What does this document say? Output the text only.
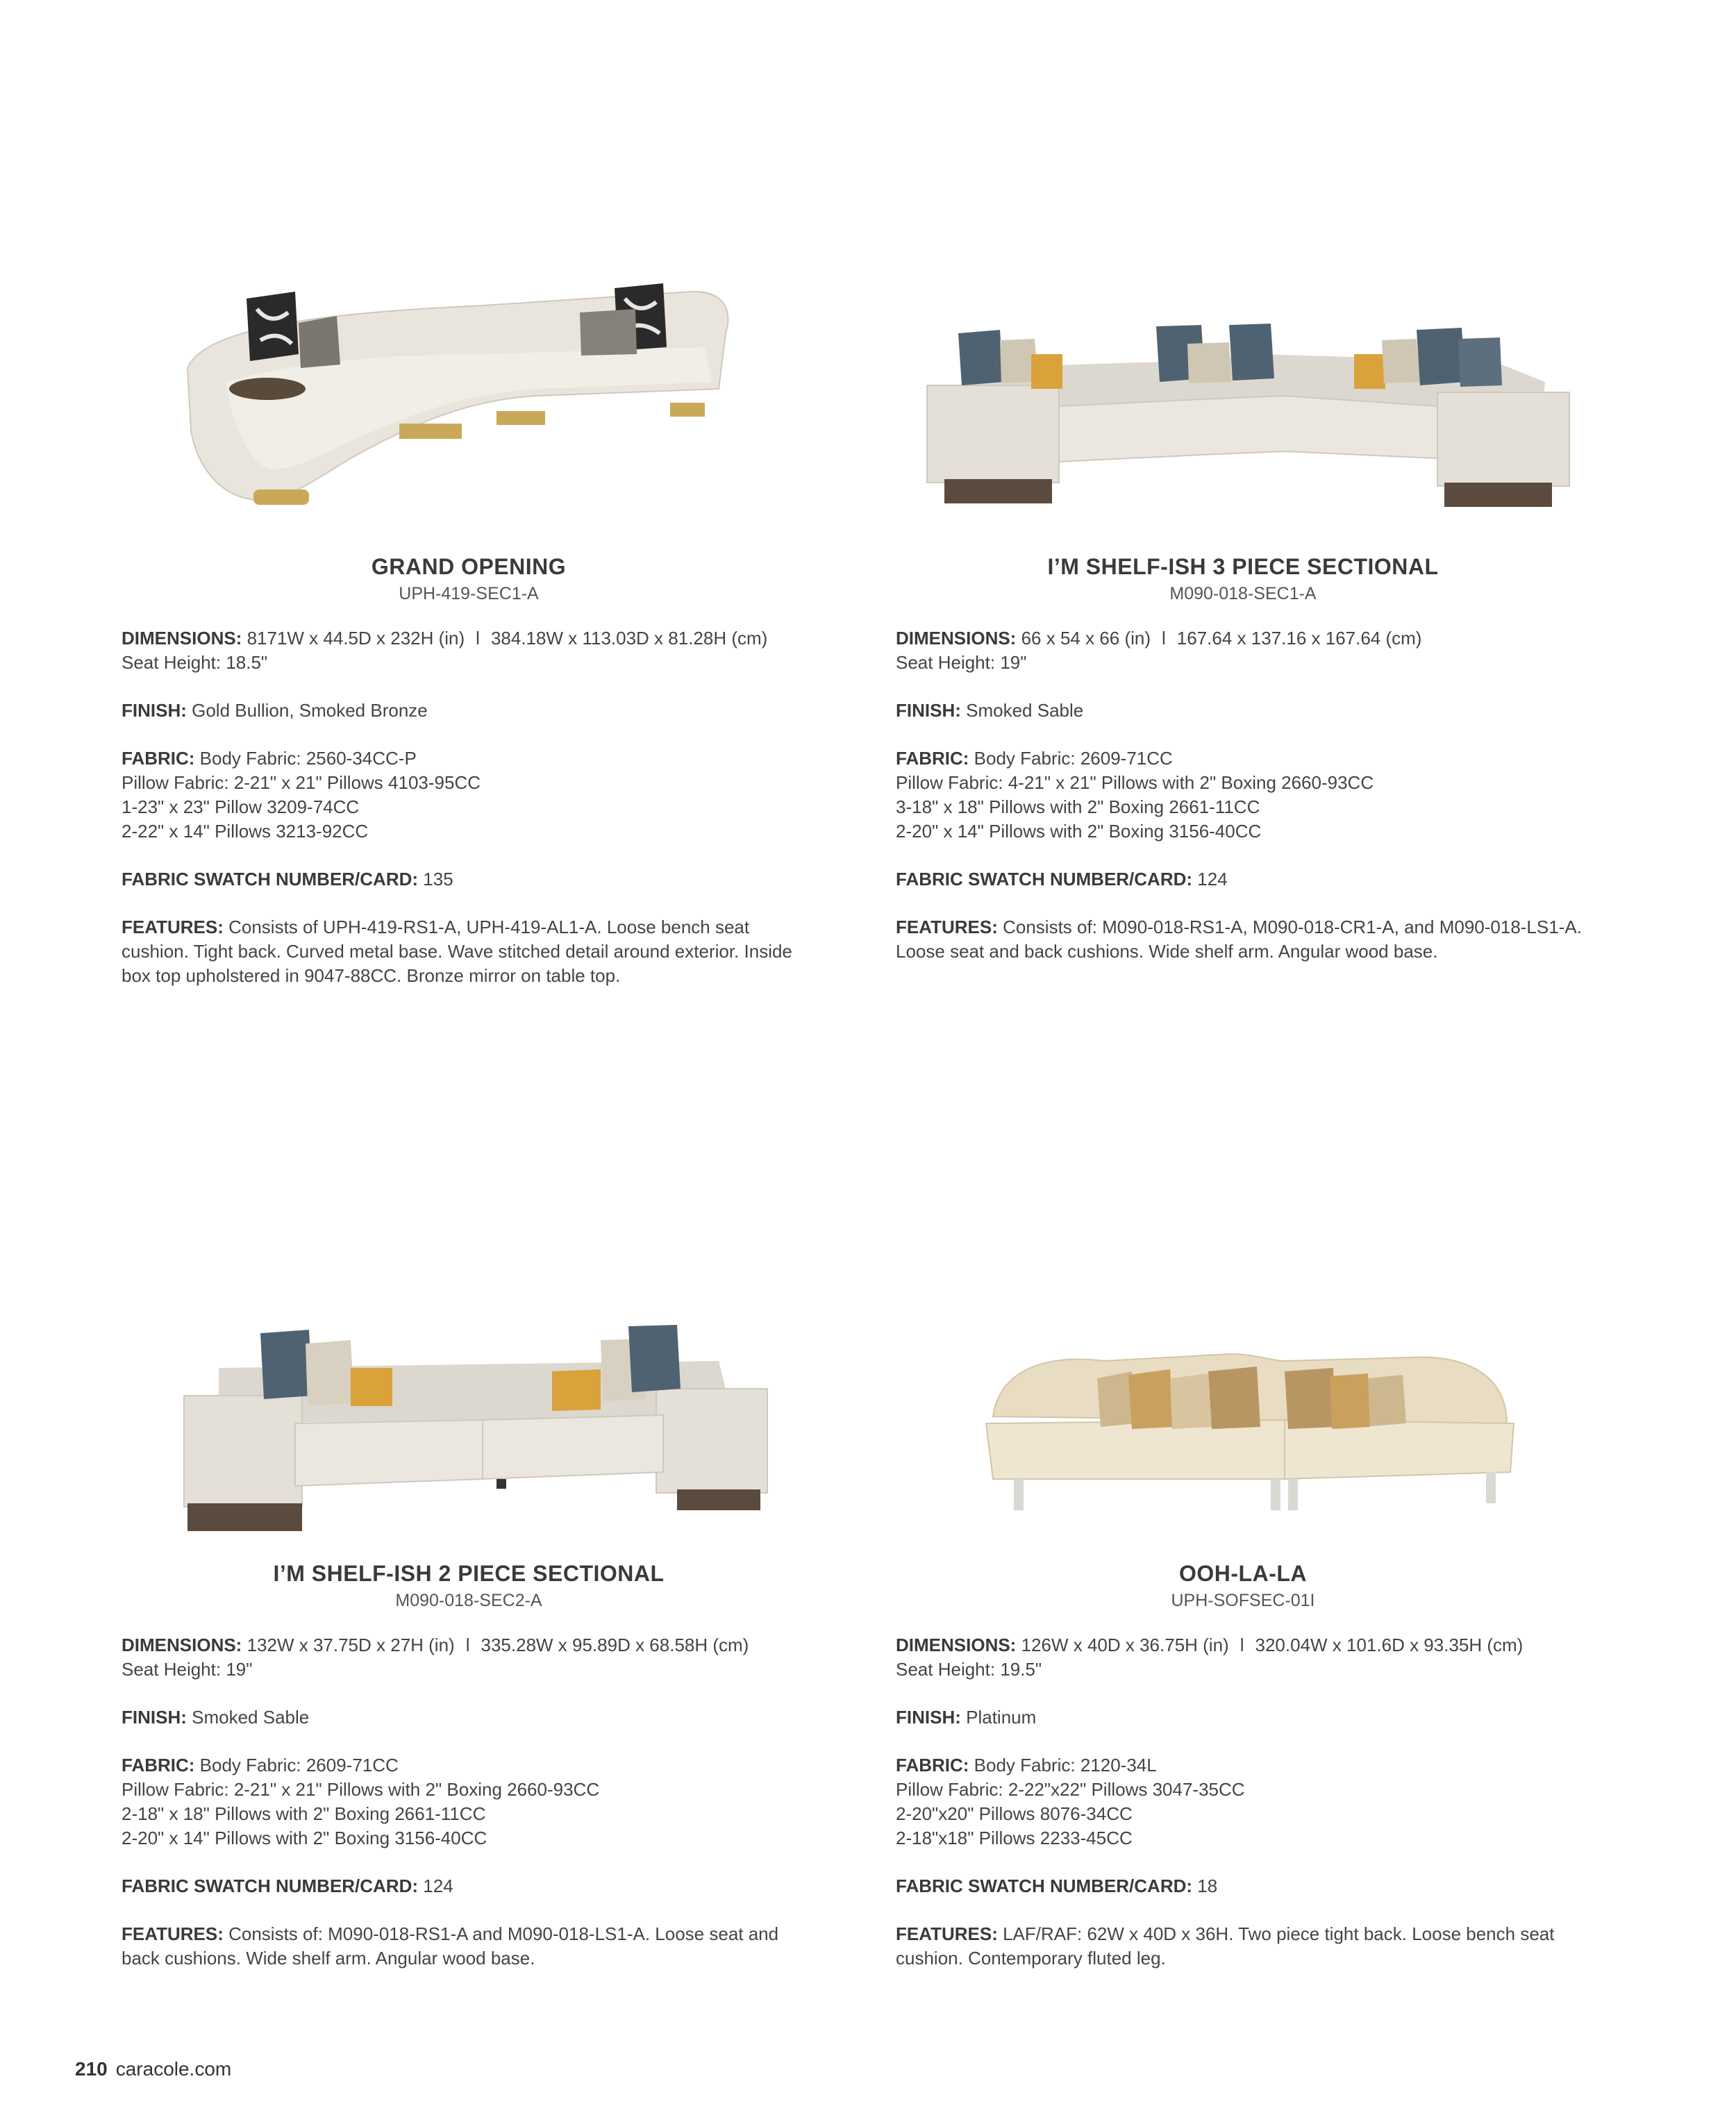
GRAND OPENING
UPH-419-SEC1-A

DIMENSIONS: 8171W x 44.5D x 232H (in) l 384.18W x 113.03D x 81.28H (cm)

Seat Height: 18.5"

FINISH: Gold Bullion, Smoked Bronze

FABRIC: Body Fabric: 2560-34CC-P

Pillow Fabric: 2-21" x 21" Pillows 4103-95CC

1-23" x 23" Pillow 3209-74CC

2-22" x 14" Pillows 3213-92CC

FABRIC SWATCH NUMBER/CARD: 135

FEATURES: Consists of UPH-419-RS1-A, UPH-419-AL1-A. Loose bench seat cushion. Tight back. Curved metal base. Wave stitched detail around exterior. Inside box top upholstered in 9047-88CC. Bronze mirror on table top.

I’M SHELF-ISH 3 PIECE SECTIONAL
M090-018-SEC1-A

DIMENSIONS: 66 x 54 x 66 (in) l 167.64 x 137.16 x 167.64 (cm)

Seat Height: 19"

FINISH: Smoked Sable

FABRIC: Body Fabric: 2609-71CC

Pillow Fabric: 4-21" x 21" Pillows with 2" Boxing 2660-93CC

3-18" x 18" Pillows with 2" Boxing 2661-11CC

2-20" x 14" Pillows with 2" Boxing 3156-40CC

FABRIC SWATCH NUMBER/CARD: 124

FEATURES: Consists of: M090-018-RS1-A, M090-018-CR1-A, and M090-018-LS1-A. Loose seat and back cushions. Wide shelf arm. Angular wood base.

I’M SHELF-ISH 2 PIECE SECTIONAL
M090-018-SEC2-A

DIMENSIONS: 132W x 37.75D x 27H (in) l 335.28W x 95.89D x 68.58H (cm)

Seat Height: 19"

FINISH: Smoked Sable

FABRIC: Body Fabric: 2609-71CC

Pillow Fabric: 2-21" x 21" Pillows with 2" Boxing 2660-93CC

2-18" x 18" Pillows with 2" Boxing 2661-11CC

2-20" x 14" Pillows with 2" Boxing 3156-40CC

FABRIC SWATCH NUMBER/CARD: 124

FEATURES: Consists of: M090-018-RS1-A and M090-018-LS1-A. Loose seat and back cushions. Wide shelf arm. Angular wood base.

OOH-LA-LA
UPH-SOFSEC-01I

DIMENSIONS: 126W x 40D x 36.75H (in) l 320.04W x 101.6D x 93.35H (cm)

Seat Height: 19.5"

FINISH: Platinum

FABRIC: Body Fabric: 2120-34L

Pillow Fabric: 2-22"x22" Pillows 3047-35CC

2-20"x20" Pillows 8076-34CC

2-18"x18" Pillows 2233-45CC

FABRIC SWATCH NUMBER/CARD: 18

FEATURES: LAF/RAF: 62W x 40D x 36H. Two piece tight back. Loose bench seat cushion. Contemporary fluted leg.

210 caracole.com
